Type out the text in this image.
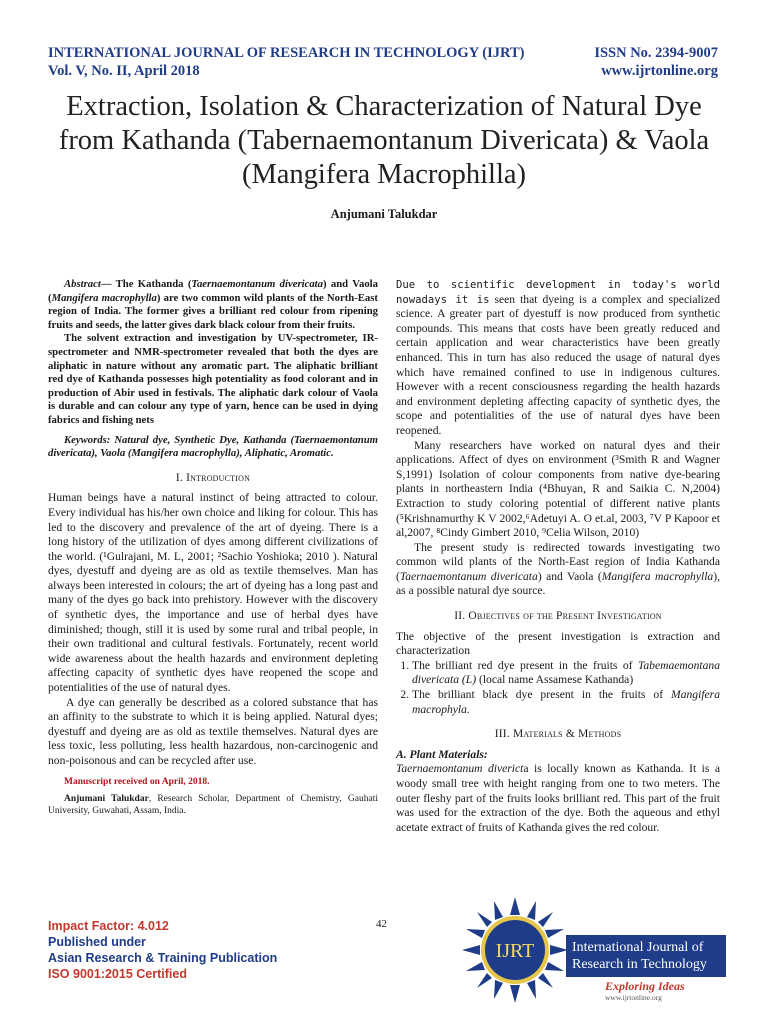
INTERNATIONAL JOURNAL OF RESEARCH IN TECHNOLOGY (IJRT)
Vol. V, No. II, April 2018
ISSN No. 2394-9007
www.ijrtonline.org
Extraction, Isolation & Characterization of Natural Dye from Kathanda (Tabernaemontanum Divericata) & Vaola (Mangifera Macrophilla)
Anjumani Talukdar

Abstract— The Kathanda (Taernaemontanum divericata) and Vaola (Mangifera macrophylla) are two common wild plants of the North-East region of India. The former gives a brilliant red colour from ripening fruits and seeds, the latter gives dark black colour from their fruits.

The solvent extraction and investigation by UV-spectrometer, IR-spectrometer and NMR-spectrometer revealed that both the dyes are aliphatic in nature without any aromatic part. The aliphatic brilliant red dye of Kathanda possesses high potentiality as food colorant and in production of Abir used in festivals. The aliphatic dark colour of Vaola is durable and can colour any type of yarn, hence can be used in dying fabrics and fishing nets

Keywords: Natural dye, Synthetic Dye, Kathanda (Taernaemontanum divericata), Vaola (Mangifera macrophylla), Aliphatic, Aromatic.
I. Introduction

Human beings have a natural instinct of being attracted to colour. Every individual has his/her own choice and liking for colour. This has led to the discovery and prevalence of the art of dyeing. There is a long history of the utilization of dyes among different civilizations of the world. (¹Gulrajani, M. L, 2001; ²Sachio Yoshioka; 2010 ). Natural dyes, dyestuff and dyeing are as old as textile themselves. Man has always been interested in colours; the art of dyeing has a long past and many of the dyes go back into prehistory. However with the discovery of synthetic dyes, the importance and use of herbal dyes have diminished; though, still it is used by some rural and tribal people, in their own traditional and cultural festivals. Fortunately, recent world wide awareness about the health hazards and environment depleting affecting capacity of synthetic dyes have reopened the scope and potentialities of the use of natural dyes.

A dye can generally be described as a colored substance that has an affinity to the substrate to which it is being applied. Natural dyes; dyestuff and dyeing are as old as textile themselves. Natural dyes are less toxic, less polluting, less health hazardous, non-carcinogenic and non-poisonous and can be recycled after use.

Manuscript received on April, 2018.
Anjumani Talukdar, Research Scholar, Department of Chemistry, Gauhati University, Guwahati, Assam, India.

Due to scientific development in today's world nowadays it is seen that dyeing is a complex and specialized science. A greater part of dyestuff is now produced from synthetic compounds. This means that costs have been greatly reduced and certain application and wear characteristics have been greatly enhanced. This in turn has also reduced the usage of natural dyes which have remained confined to use in indigenous cultures. However with a recent consciousness regarding the health hazards and environment depleting affecting capacity of synthetic dyes, the scope and potentialities of the use of natural dyes have been reopened.

Many researchers have worked on natural dyes and their applications. Affect of dyes on environment (³Smith R and Wagner S,1991) Isolation of colour components from native dye-bearing plants in northeastern India (⁴Bhuyan, R and Saikia C. N,2004) Extraction to study coloring potential of different native plants (⁵Krishnamurthy K V 2002,⁶Adetuyi A. O et.al, 2003, ⁷V P Kapoor et al,2007, ⁸Cindy Gimbert 2010, ⁹Celia Wilson, 2010)

The present study is redirected towards investigating two common wild plants of the North-East region of India Kathanda (Taernaemontanum divericata) and Vaola (Mangifera macrophylla), as a possible natural dye source.

II. Objectives of the Present Investigation

The objective of the present investigation is extraction and characterization

1. The brilliant red dye present in the fruits of Tabemaemontana divericata (L) (local name Assamese Kathanda)
2. The brilliant black dye present in the fruits of Mangifera macrophyla.
III. Materials & Methods
A. Plant Materials:

Taernaemontanum divericta is locally known as Kathanda. It is a woody small tree with height ranging from one to two meters. The outer fleshy part of the fruits looks brilliant red. This part of the fruit was used for the extraction of the dye. Both the aqueous and ethyl acetate extract of fruits of Kathanda gives the red colour.

42
Impact Factor: 4.012
Published under
Asian Research & Training Publication
ISO 9001:2015 Certified
IJRT	International Journal of Research in Technology
Exploring Ideas
www.ijrtonline.org
